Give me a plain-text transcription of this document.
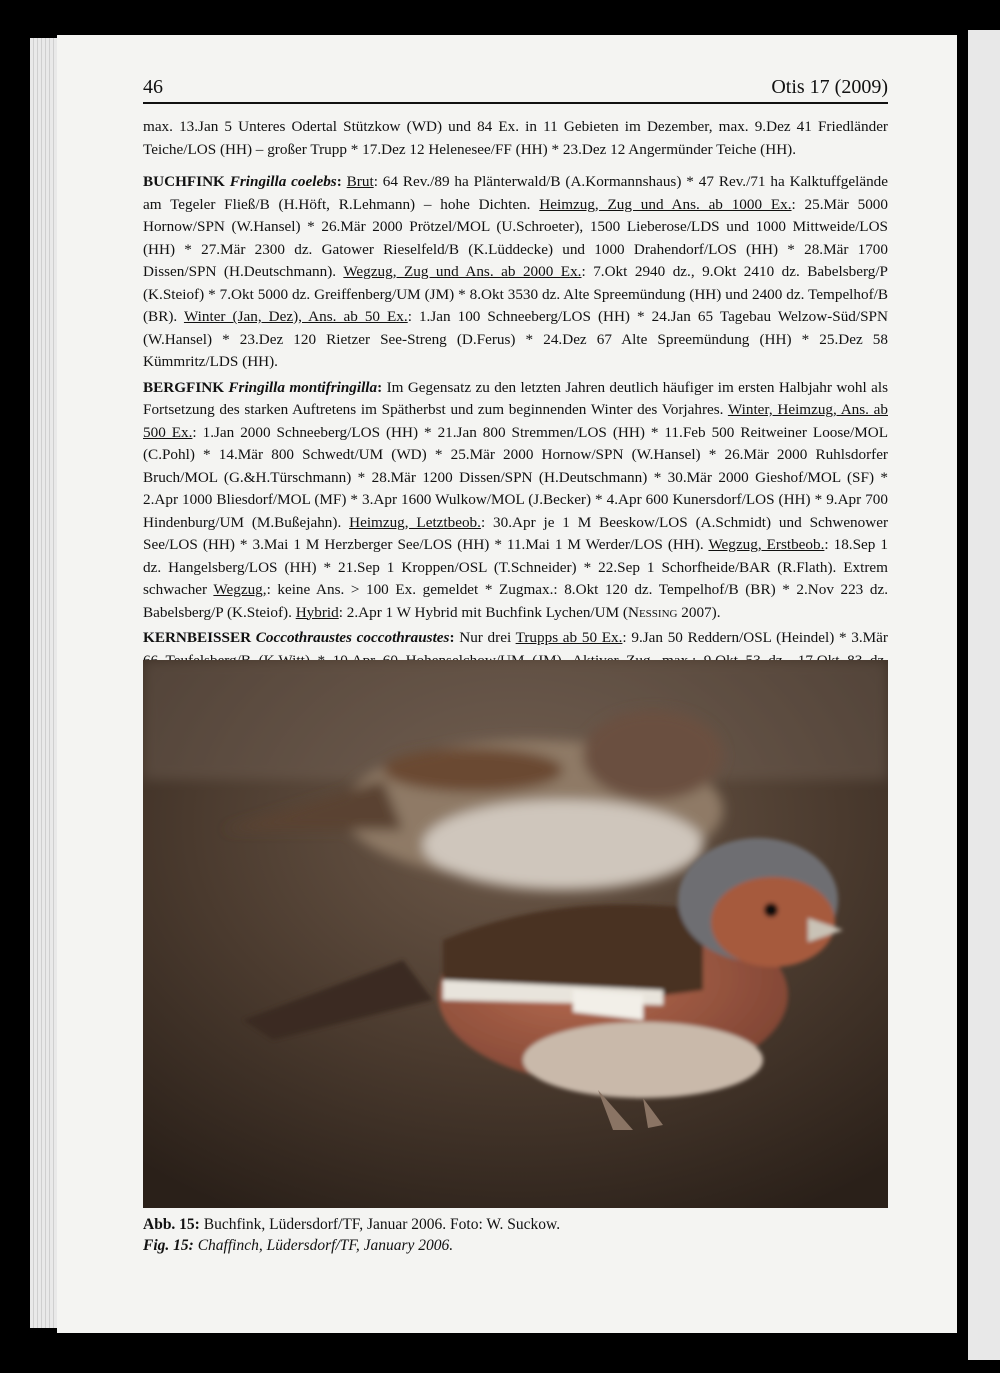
46	Otis 17 (2009)

max. 13.Jan 5 Unteres Odertal Stützkow (WD) und 84 Ex. in 11 Gebieten im Dezember, max. 9.Dez 41 Friedländer Teiche/LOS (HH) – großer Trupp * 17.Dez 12 Helenesee/FF (HH) * 23.Dez 12 Angermünder Teiche (HH).

BUCHFINK Fringilla coelebs: Brut: 64 Rev./89 ha Plänterwald/B (A.Kormannshaus) * 47 Rev./71 ha Kalktuffgelände am Tegeler Fließ/B (H.Höft, R.Lehmann) – hohe Dichten. Heimzug, Zug und Ans. ab 1000 Ex.: 25.Mär 5000 Hornow/SPN (W.Hansel) * 26.Mär 2000 Prötzel/MOL (U.Schroeter), 1500 Lieberose/LDS und 1000 Mittweide/LOS (HH) * 27.Mär 2300 dz. Gatower Rieselfeld/B (K.Lüddecke) und 1000 Drahendorf/LOS (HH) * 28.Mär 1700 Dissen/SPN (H.Deutschmann). Wegzug, Zug und Ans. ab 2000 Ex.: 7.Okt 2940 dz., 9.Okt 2410 dz. Babelsberg/P (K.Steiof) * 7.Okt 5000 dz. Greiffenberg/UM (JM) * 8.Okt 3530 dz. Alte Spreemündung (HH) und 2400 dz. Tempelhof/B (BR). Winter (Jan, Dez), Ans. ab 50 Ex.: 1.Jan 100 Schneeberg/LOS (HH) * 24.Jan 65 Tagebau Welzow-Süd/SPN (W.Hansel) * 23.Dez 120 Rietzer See-Streng (D.Ferus) * 24.Dez 67 Alte Spreemündung (HH) * 25.Dez 58 Kümmritz/LDS (HH).

BERGFINK Fringilla montifringilla: Im Gegensatz zu den letzten Jahren deutlich häufiger im ersten Halbjahr wohl als Fortsetzung des starken Auftretens im Spätherbst und zum beginnenden Winter des Vorjahres. Winter, Heimzug, Ans. ab 500 Ex.: 1.Jan 2000 Schneeberg/LOS (HH) * 21.Jan 800 Stremmen/LOS (HH) * 11.Feb 500 Reitweiner Loose/MOL (C.Pohl) * 14.Mär 800 Schwedt/UM (WD) * 25.Mär 2000 Hornow/SPN (W.Hansel) * 26.Mär 2000 Ruhlsdorfer Bruch/MOL (G.&H.Türschmann) * 28.Mär 1200 Dissen/SPN (H.Deutschmann) * 30.Mär 2000 Gieshof/MOL (SF) * 2.Apr 1000 Bliesdorf/MOL (MF) * 3.Apr 1600 Wulkow/MOL (J.Becker) * 4.Apr 600 Kunersdorf/LOS (HH) * 9.Apr 700 Hindenburg/UM (M.Bußejahn). Heimzug, Letztbeob.: 30.Apr je 1 M Beeskow/LOS (A.Schmidt) und Schwenower See/LOS (HH) * 3.Mai 1 M Herzberger See/LOS (HH) * 11.Mai 1 M Werder/LOS (HH). Wegzug, Erstbeob.: 18.Sep 1 dz. Hangelsberg/LOS (HH) * 21.Sep 1 Kroppen/OSL (T.Schneider) * 22.Sep 1 Schorfheide/BAR (R.Flath). Extrem schwacher Wegzug,: keine Ans. > 100 Ex. gemeldet * Zugmax.: 8.Okt 120 dz. Tempelhof/B (BR) * 2.Nov 223 dz. Babelsberg/P (K.Steiof). Hybrid: 2.Apr 1 W Hybrid mit Buchfink Lychen/UM (Nessing 2007).

KERNBEISSER Coccothraustes coccothraustes: Nur drei Trupps ab 50 Ex.: 9.Jan 50 Reddern/OSL (Heindel) * 3.Mär

Abb. 15: Buchfink, Lüdersdorf/TF, Januar 2006. Foto: W. Suckow.
Fig. 15: Chaffinch, Lüdersdorf/TF, January 2006.
